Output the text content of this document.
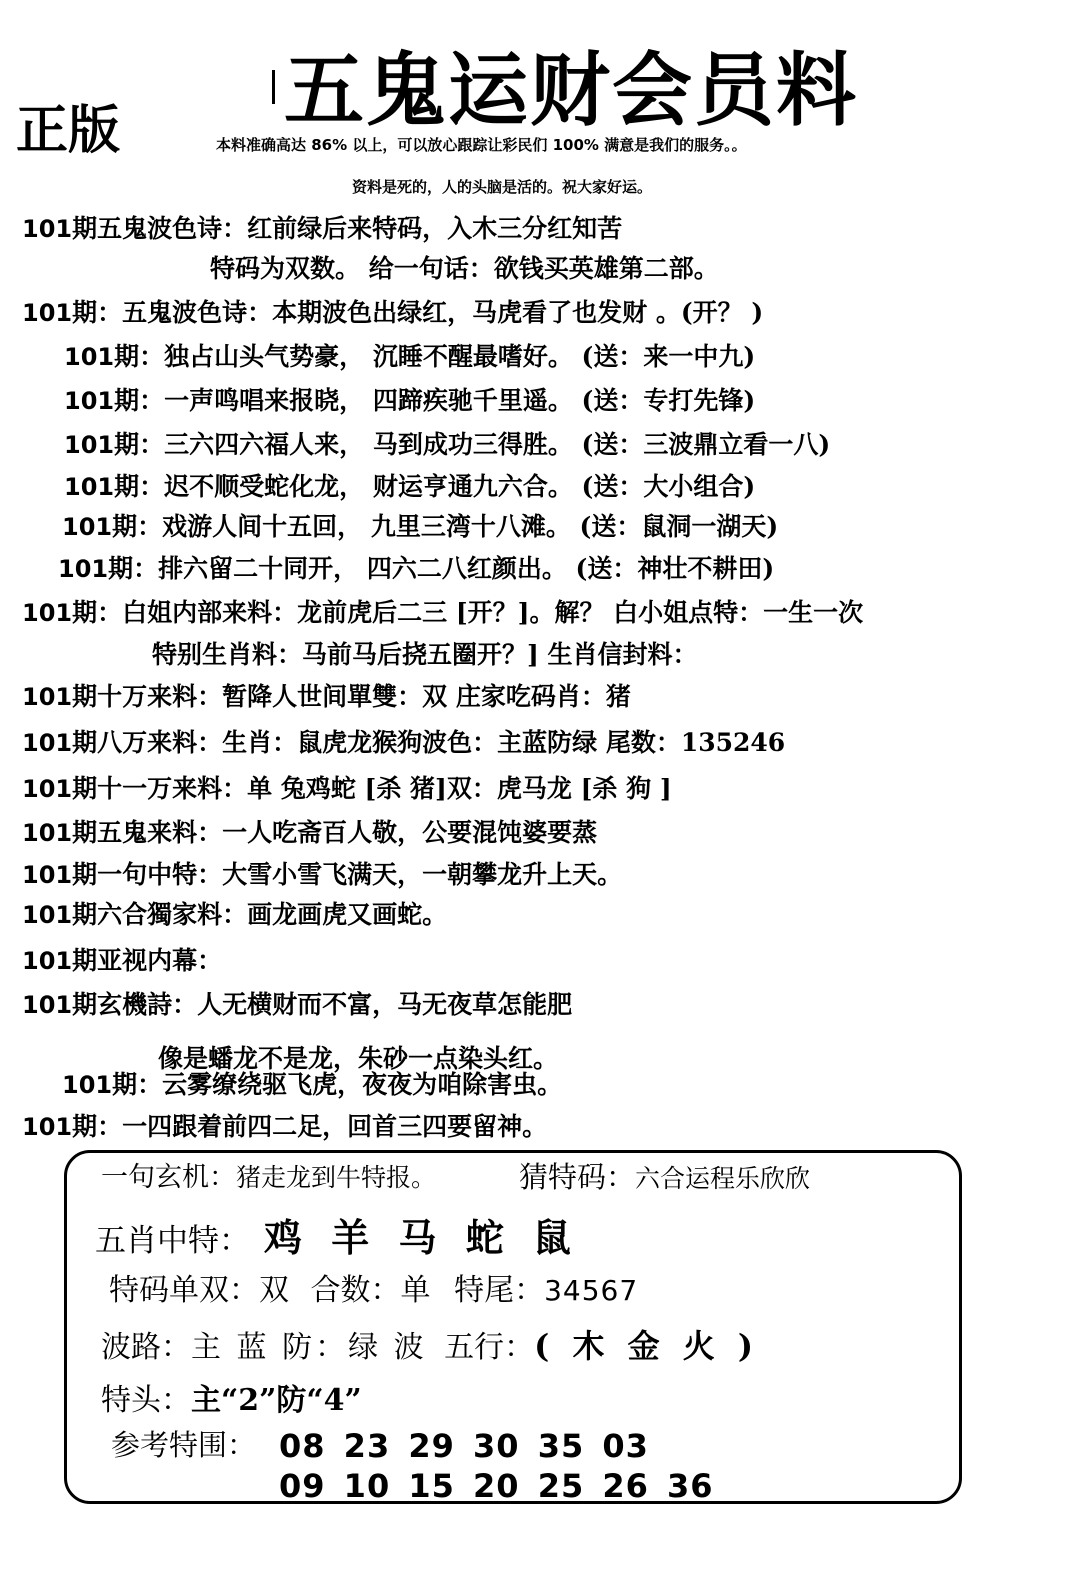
正版 五鬼运财会员料
本料准确高达 86% 以上，可以放心跟踪让彩民们 100% 满意是我们的服务。。
资料是死的，人的头脑是活的。祝大家好运。
101期五鬼波色诗：红前绿后来特码，入木三分红知苦
特码为双数。 给一句话：欲钱买英雄第二部。
101期：五鬼波色诗：本期波色出绿红，马虎看了也发财 。(开？ )
101期：独占山头气势豪， 沉睡不醒最嗜好。 (送：来一中九)
101期：一声鸣唱来报晓， 四蹄疾驰千里遥。 (送：专打先锋)
101期：三六四六福人来， 马到成功三得胜。 (送：三波鼎立看一八)
101期：迟不顺受蛇化龙， 财运亨通九六合。 (送：大小组合)
101期：戏游人间十五回， 九里三湾十八滩。 (送：鼠洞一湖天)
101期：排六留二十同开， 四六二八红颜出。 (送：神壮不耕田)
101期：白姐内部来料：龙前虎后二三 [开？]。解？ 白小姐点特：一生一次
特别生肖料：马前马后挠五圈开？] 生肖信封料：
101期十万来料：暂降人世间單雙：双 庄家吃码肖：猪
101期八万来料：生肖：鼠虎龙猴狗波色：主蓝防绿 尾数：135246
101期十一万来料：单 兔鸡蛇 [杀 猪]双：虎马龙 [杀 狗 ]
101期五鬼来料：一人吃斋百人敬，公要混饨婆要蒸
101期一句中特：大雪小雪飞满天，一朝攀龙升上天。
101期六合獨家料：画龙画虎又画蛇。
101期亚视内幕：
101期玄機詩：人无横财而不富，马无夜草怎能肥
像是蟠龙不是龙，朱砂一点染头红。
101期：云雾缭绕驱飞虎，夜夜为咱除害虫。
101期：一四跟着前四二足，回首三四要留神。
一句玄机：猪走龙到牛特报。	猜特码：六合运程乐欣欣
五肖中特： 鸡 羊 马 蛇 鼠
特码单双：双 合数：单 特尾：34567
波路：主 蓝 防：绿 波 五行：( 木 金 火 )
特头：主“2”防“4”
参考特围： 08 23 29 30 35 03
09 10 15 20 25 26 36
